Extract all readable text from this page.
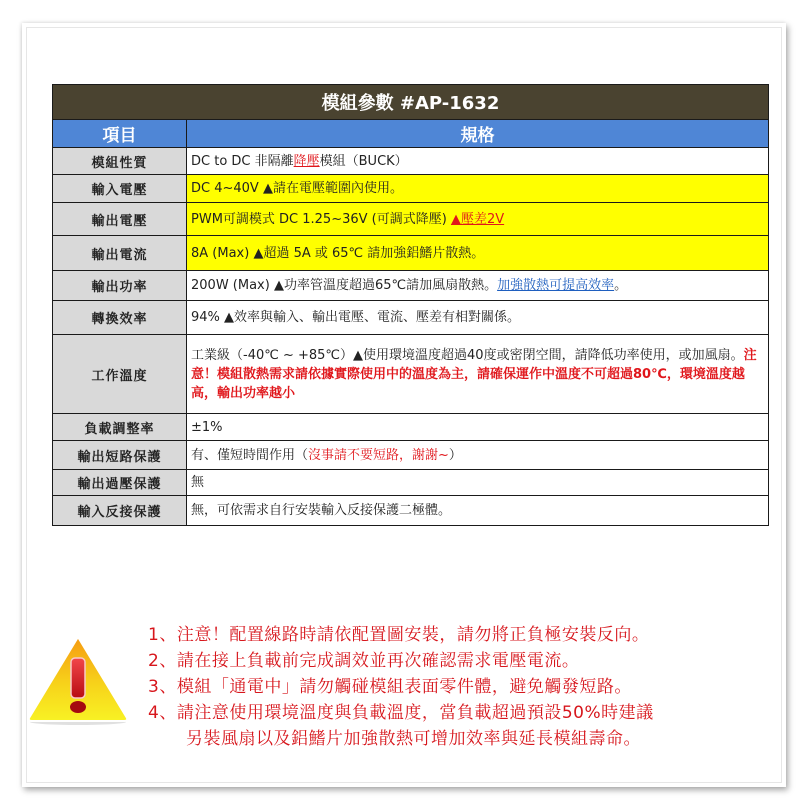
模組參數 #AP-1632	
項目	規格
模組性質	DC to DC 非隔離降壓模組（BUCK）
輸入電壓	DC 4~40V ▲請在電壓範圍內使用。
輸出電壓	PWM可調模式 DC 1.25~36V (可調式降壓) ▲壓差2V
輸出電流	8A (Max) ▲超過 5A 或 65℃ 請加強鋁鰭片散熱。
輸出功率	200W (Max) ▲功率管溫度超過65℃請加風扇散熱。加強散熱可提高效率。
轉換效率	94% ▲效率與輸入、輸出電壓、電流、壓差有相對關係。
工作溫度	工業級（-40℃ ~ +85℃）▲使用環境溫度超過40度或密閉空間，請降低功率使用，或加風扇。注意！模組散熱需求請依據實際使用中的溫度為主，請確保運作中溫度不可超過80℃，環境溫度越高，輸出功率越小
負載調整率	±1%
輸出短路保護	有、僅短時間作用（沒事請不要短路，謝謝~）
輸出過壓保護	無
輸入反接保護	無，可依需求自行安裝輸入反接保護二極體。
1、注意！配置線路時請依配置圖安裝，請勿將正負極安裝反向。
2、請在接上負載前完成調效並再次確認需求電壓電流。
3、模組「通電中」請勿觸碰模組表面零件體，避免觸發短路。
4、請注意使用環境溫度與負載溫度，當負載超過預設50%時建議
另裝風扇以及鋁鰭片加強散熱可增加效率與延長模組壽命。
